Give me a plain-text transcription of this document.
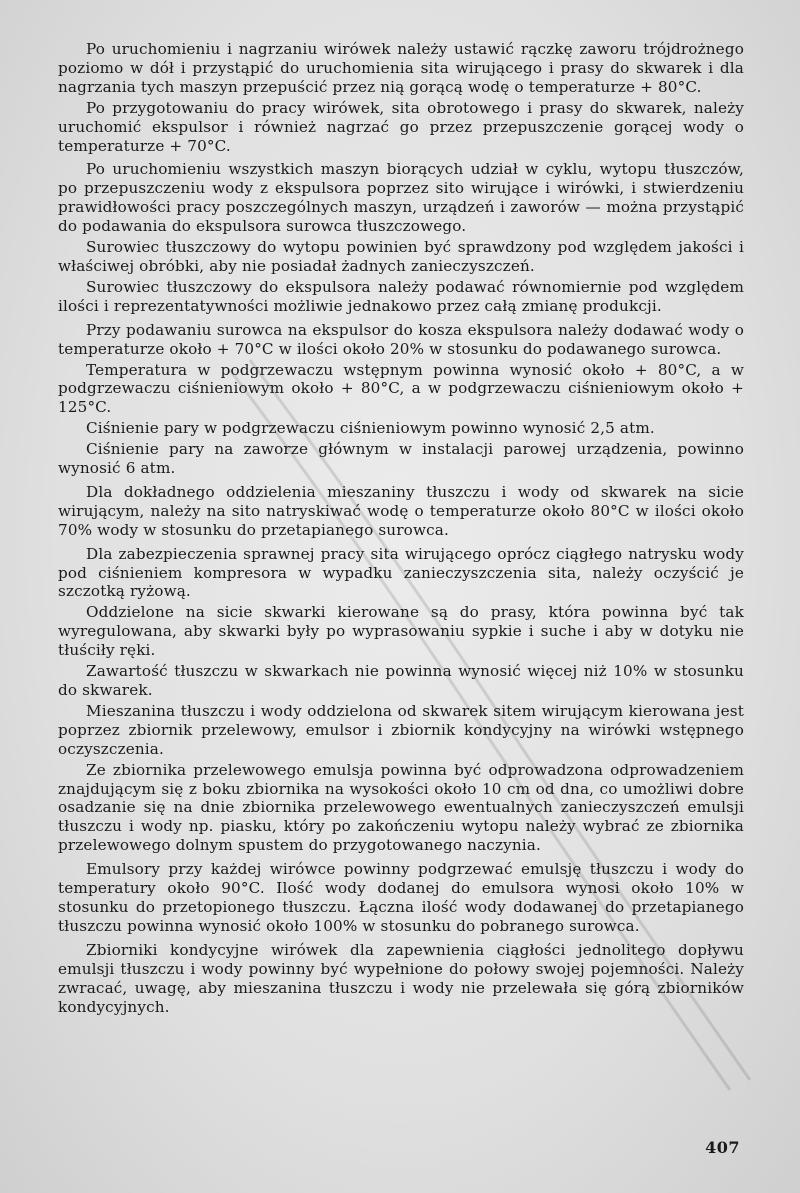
Po uruchomieniu i nagrzaniu wirówek należy ustawić rączkę zaworu trójdrożnego poziomo w dół i przystąpić do uruchomienia sita wirującego i prasy do skwarek i dla nagrzania tych maszyn przepuścić przez nią gorącą wodę o temperaturze + 80°C.

Po przygotowaniu do pracy wirówek, sita obrotowego i prasy do skwarek, należy uruchomić ekspulsor i również nagrzać go przez przepuszczenie gorącej wody o temperaturze + 70°C.

Po uruchomieniu wszystkich maszyn biorących udział w cyklu, wytopu tłuszczów, po przepuszczeniu wody z ekspulsora poprzez sito wirujące i wirówki, i stwierdzeniu prawidłowości pracy poszczególnych maszyn, urządzeń i zaworów — można przystąpić do podawania do ekspulsora surowca tłuszczowego.

Surowiec tłuszczowy do wytopu powinien być sprawdzony pod względem jakości i właściwej obróbki, aby nie posiadał żadnych zanieczyszczeń.

Surowiec tłuszczowy do ekspulsora należy podawać równomiernie pod względem ilości i reprezentatywności możliwie jednakowo przez całą zmianę produkcji.

Przy podawaniu surowca na ekspulsor do kosza ekspulsora należy dodawać wody o temperaturze około + 70°C w ilości około 20% w stosunku do podawanego surowca.

Temperatura w podgrzewaczu wstępnym powinna wynosić około + 80°C, a w podgrzewaczu ciśnieniowym około + 80°C, a w podgrzewaczu ciśnieniowym około + 125°C.

Ciśnienie pary w podgrzewaczu ciśnieniowym powinno wynosić 2,5 atm.

Ciśnienie pary na zaworze głównym w instalacji parowej urządzenia, powinno wynosić 6 atm.

Dla dokładnego oddzielenia mieszaniny tłuszczu i wody od skwarek na sicie wirującym, należy na sito natryskiwać wodę o temperaturze około 80°C w ilości około 70% wody w stosunku do przetapianego surowca.

Dla zabezpieczenia sprawnej pracy sita wirującego oprócz ciągłego natrysku wody pod ciśnieniem kompresora w wypadku zanieczyszczenia sita, należy oczyścić je szczotką ryżową.

Oddzielone na sicie skwarki kierowane są do prasy, która powinna być tak wyregulowana, aby skwarki były po wyprasowaniu sypkie i suche i aby w dotyku nie tłuściły ręki.

Zawartość tłuszczu w skwarkach nie powinna wynosić więcej niż 10% w stosunku do skwarek.

Mieszanina tłuszczu i wody oddzielona od skwarek sitem wirującym kierowana jest poprzez zbiornik przelewowy, emulsor i zbiornik kondycyjny na wirówki wstępnego oczyszczenia.

Ze zbiornika przelewowego emulsja powinna być odprowadzona odprowadzeniem znajdującym się z boku zbiornika na wysokości około 10 cm od dna, co umożliwi dobre osadzanie się na dnie zbiornika przelewowego ewentualnych zanieczyszczeń emulsji tłuszczu i wody np. piasku, który po zakończeniu wytopu należy wybrać ze zbiornika przelewowego dolnym spustem do przygotowanego naczynia.

Emulsory przy każdej wirówce powinny podgrzewać emulsję tłuszczu i wody do temperatury około 90°C. Ilość wody dodanej do emulsora wynosi około 10% w stosunku do przetopionego tłuszczu. Łączna ilość wody dodawanej do przetapianego tłuszczu powinna wynosić około 100% w stosunku do pobranego surowca.

Zbiorniki kondycyjne wirówek dla zapewnienia ciągłości jednolitego dopływu emulsji tłuszczu i wody powinny być wypełnione do połowy swojej pojemności. Należy zwracać, uwagę, aby mieszanina tłuszczu i wody nie przelewała się górą zbiorników kondycyjnych.

407
